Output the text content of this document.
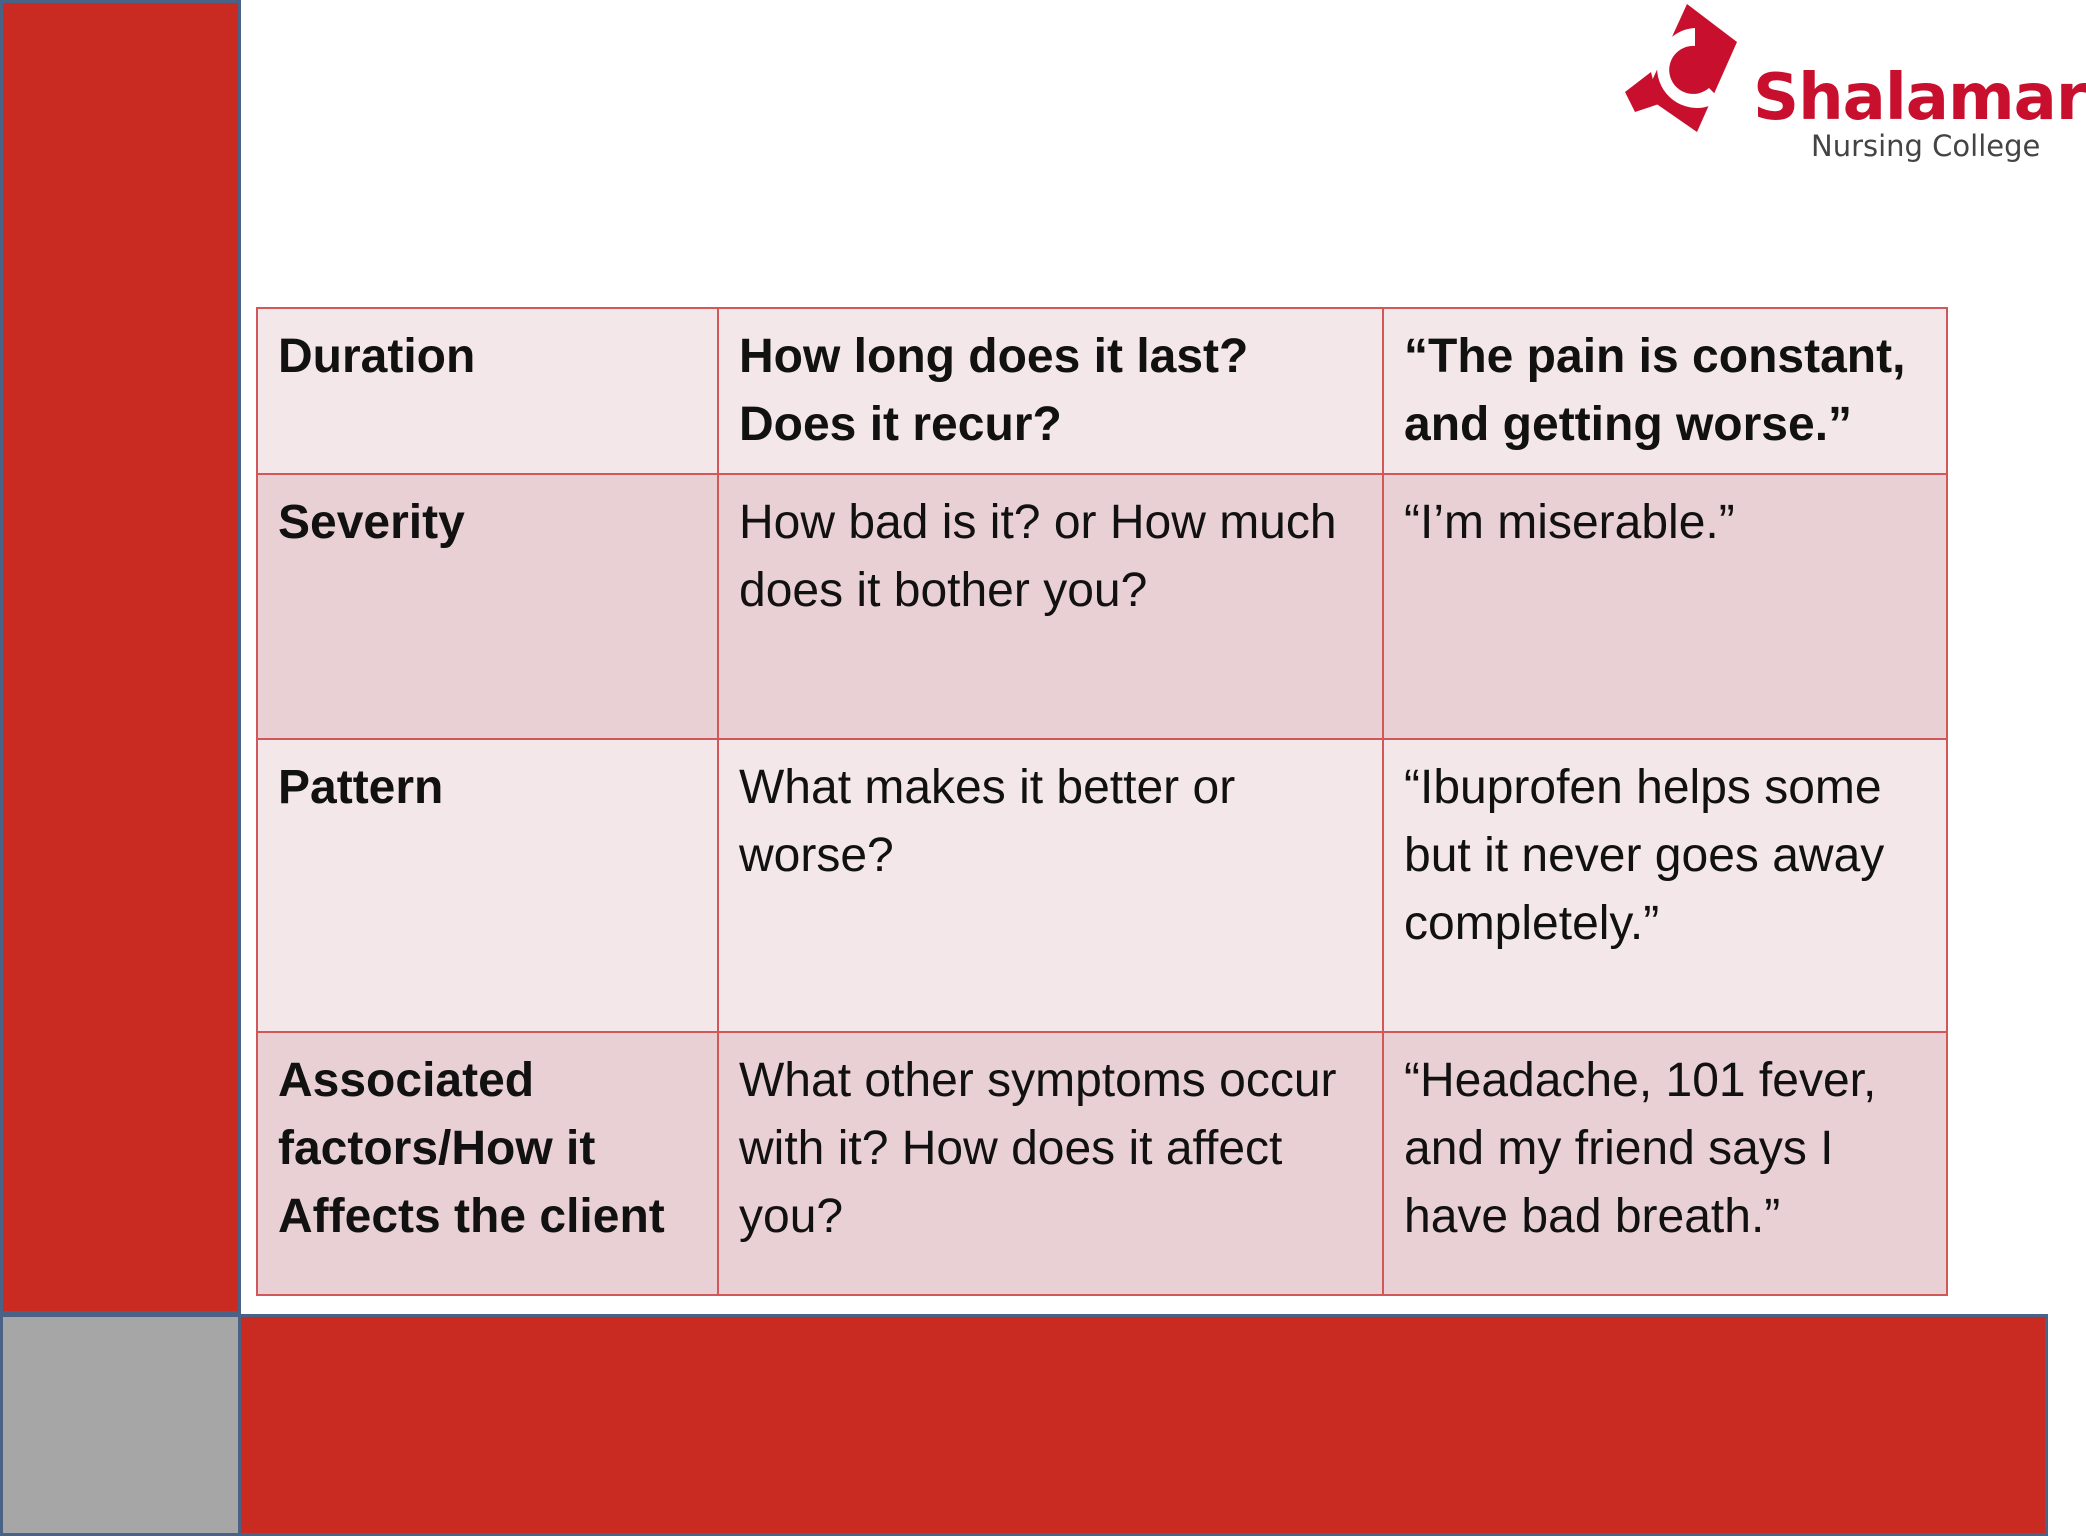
Shalamar
Nursing College
Duration	How long does it last? Does it recur?	“The pain is constant, and getting worse.”
Severity	How bad is it? or How much does it bother you?	“I’m miserable.”
Pattern	What makes it better or worse?	“Ibuprofen helps some but it never goes away completely.”
Associated factors/How it Affects the client	What other symptoms occur with it? How does it affect you?	“Headache, 101 fever, and my friend says I have bad breath.”
